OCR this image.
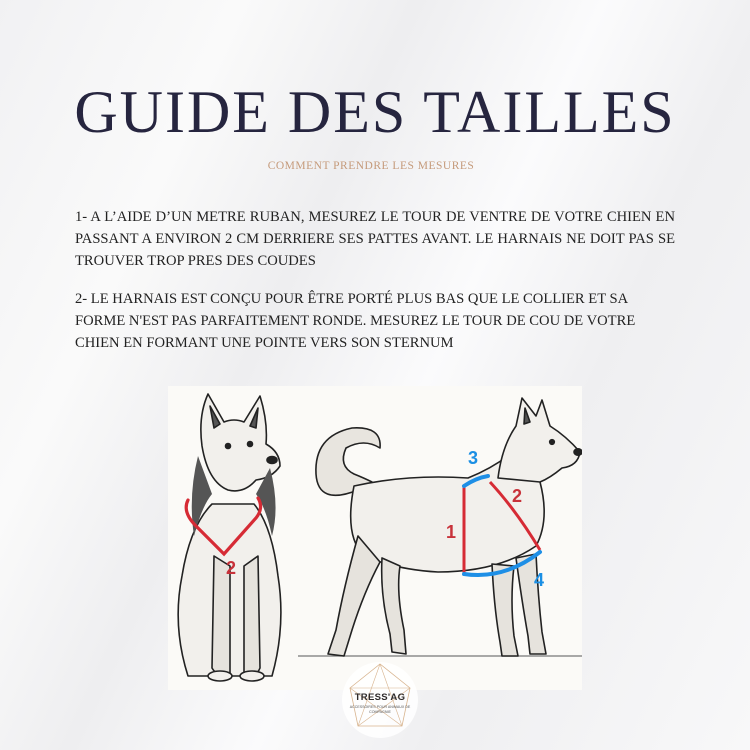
GUIDE DES TAILLES
COMMENT PRENDRE LES MESURES

1- A L’AIDE D’UN METRE RUBAN, MESUREZ LE TOUR DE VENTRE DE VOTRE CHIEN EN PASSANT A ENVIRON 2 CM DERRIERE SES PATTES AVANT. LE HARNAIS NE DOIT PAS SE TROUVER TROP PRES DES COUDES

2- LE HARNAIS EST CONÇU POUR ÊTRE PORTÉ PLUS BAS QUE LE COLLIER ET SA FORME N'EST PAS PARFAITEMENT RONDE. MESUREZ LE TOUR DE COU DE VOTRE CHIEN EN FORMANT UNE POINTE VERS SON STERNUM

2
1
2
3
4
TRESS'AG
ACCESSOIRES POUR ANIMAUX DE COMPAGNIE
